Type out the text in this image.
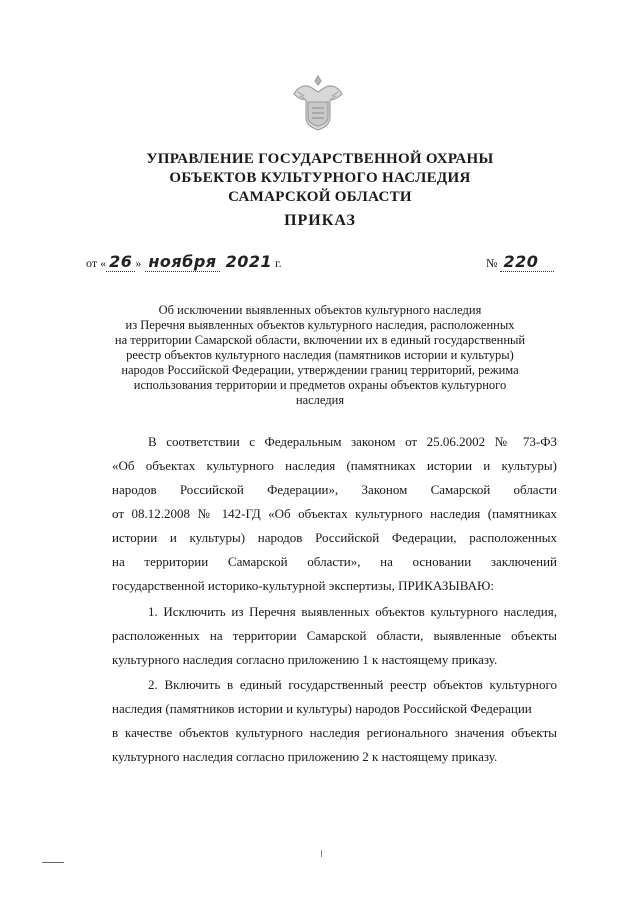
УПРАВЛЕНИЕ ГОСУДАРСТВЕННОЙ ОХРАНЫ
ОБЪЕКТОВ КУЛЬТУРНОГО НАСЛЕДИЯ
САМАРСКОЙ ОБЛАСТИ
ПРИКАЗ
от « 26 » ноября 2021 г.	№ 220
Об исключении выявленных объектов культурного наследия
из Перечня выявленных объектов культурного наследия, расположенных
на территории Самарской области, включении их в единый государственный
реестр объектов культурного наследия (памятников истории и культуры)
народов Российской Федерации, утверждении границ территорий, режима
использования территории и предметов охраны объектов культурного
наследия
В соответствии с Федеральным законом от 25.06.2002 № 73-ФЗ
«Об объектах культурного наследия (памятниках истории и культуры)
народов Российской Федерации», Законом Самарской области
от 08.12.2008 № 142-ГД «Об объектах культурного наследия (памятниках
истории и культуры) народов Российской Федерации, расположенных
на территории Самарской области», на основании заключений
государственной историко-культурной экспертизы, ПРИКАЗЫВАЮ:
1. Исключить из Перечня выявленных объектов культурного наследия,
расположенных на территории Самарской области, выявленные объекты
культурного наследия согласно приложению 1 к настоящему приказу.
2. Включить в единый государственный реестр объектов культурного
наследия (памятников истории и культуры) народов Российской Федерации
в качестве объектов культурного наследия регионального значения объекты
культурного наследия согласно приложению 2 к настоящему приказу.
